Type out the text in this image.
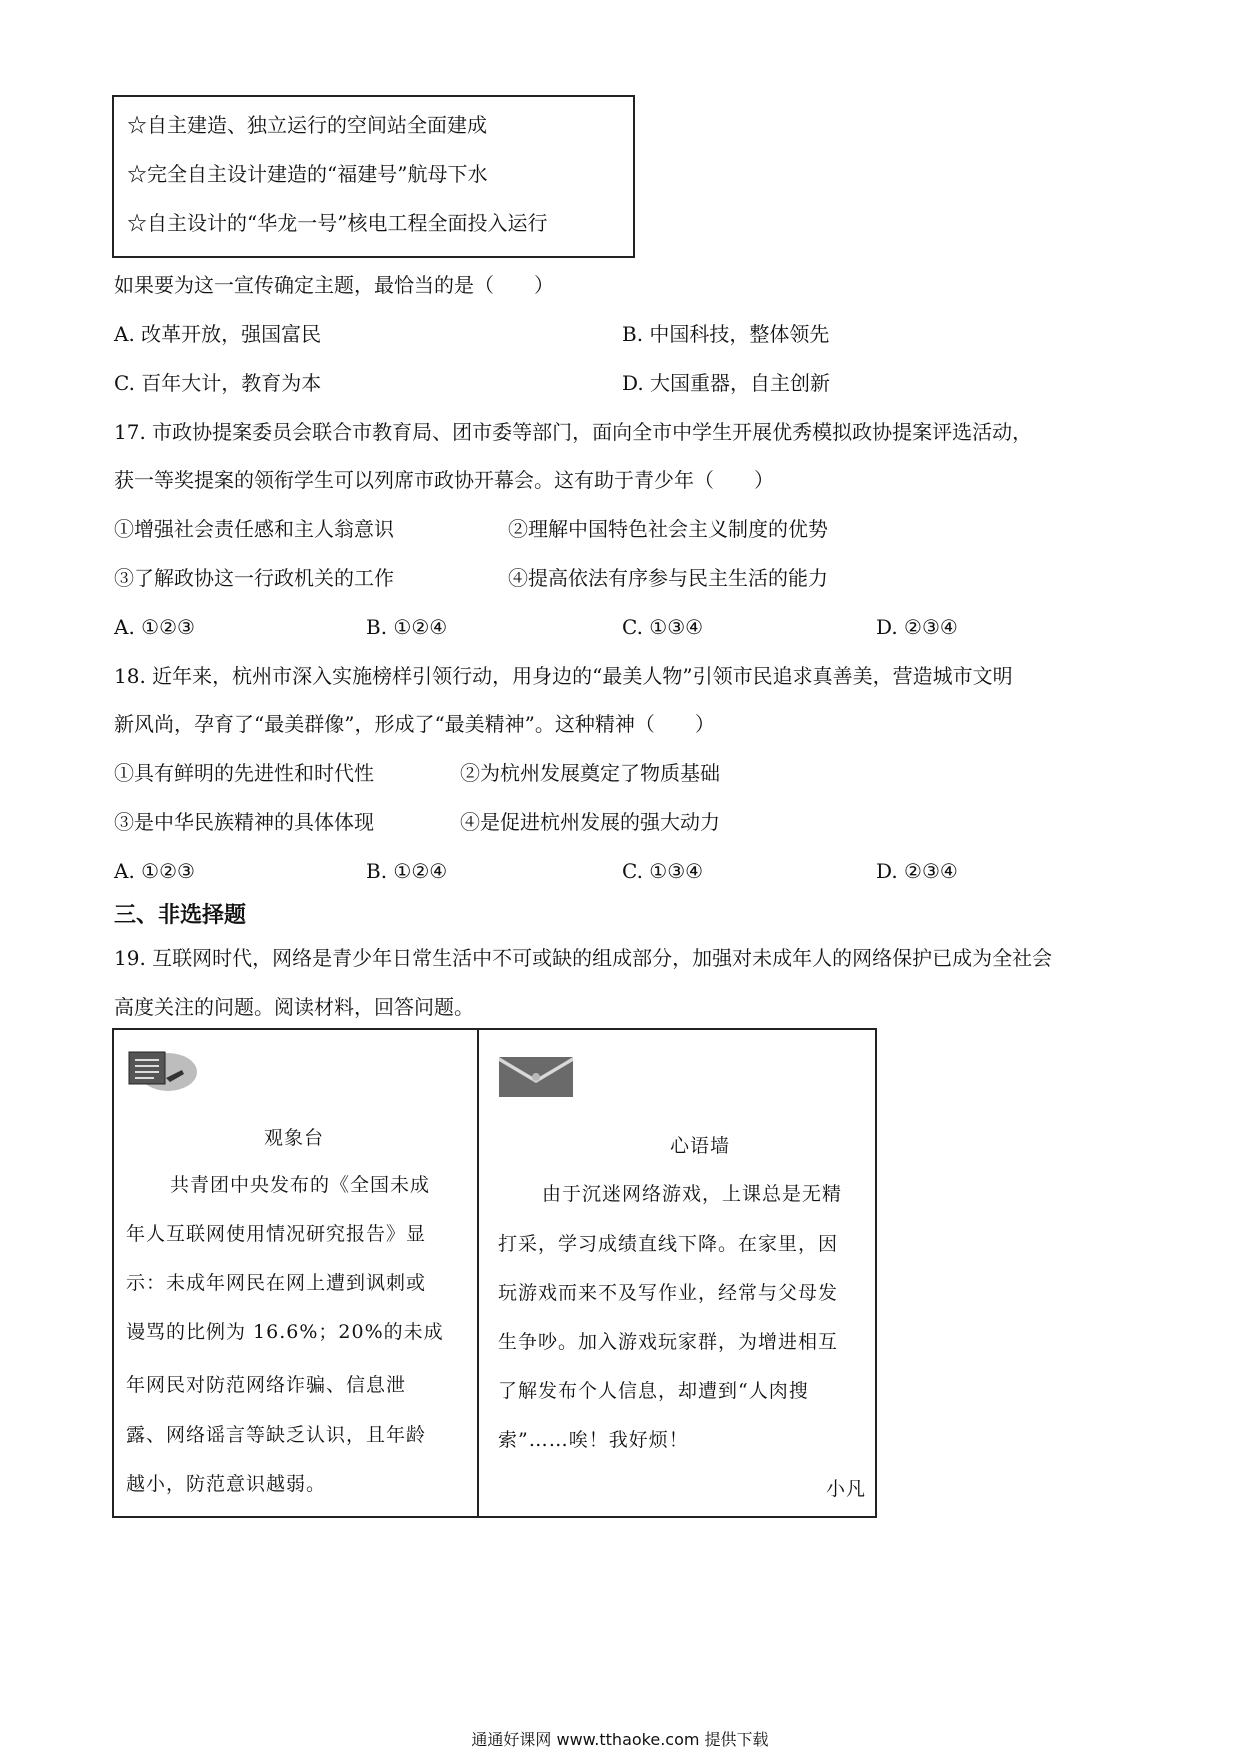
☆自主建造、独立运行的空间站全面建成
☆完全自主设计建造的“福建号”航母下水
☆自主设计的“华龙一号”核电工程全面投入运行
如果要为这一宣传确定主题，最恰当的是（　　）
A. 改革开放，强国富民	B. 中国科技，整体领先
C. 百年大计，教育为本	D. 大国重器，自主创新
17. 市政协提案委员会联合市教育局、团市委等部门，面向全市中学生开展优秀模拟政协提案评选活动，
获一等奖提案的领衔学生可以列席市政协开幕会。这有助于青少年（　　）
①增强社会责任感和主人翁意识	②理解中国特色社会主义制度的优势
③了解政协这一行政机关的工作	④提高依法有序参与民主生活的能力
A. ①②③	B. ①②④	C. ①③④	D. ②③④
18. 近年来，杭州市深入实施榜样引领行动，用身边的“最美人物”引领市民追求真善美，营造城市文明
新风尚，孕育了“最美群像”，形成了“最美精神”。这种精神（　　）
①具有鲜明的先进性和时代性	②为杭州发展奠定了物质基础
③是中华民族精神的具体体现	④是促进杭州发展的强大动力
A. ①②③	B. ①②④	C. ①③④	D. ②③④
三、非选择题
19. 互联网时代，网络是青少年日常生活中不可或缺的组成部分，加强对未成年人的网络保护已成为全社会
高度关注的问题。阅读材料，回答问题。
观象台
共青团中央发布的《全国未成
年人互联网使用情况研究报告》显
示：未成年网民在网上遭到讽刺或
谩骂的比例为 16.6%；20%的未成
年网民对防范网络诈骗、信息泄
露、网络谣言等缺乏认识，且年龄
越小，防范意识越弱。
心语墙
由于沉迷网络游戏，上课总是无精
打采，学习成绩直线下降。在家里，因
玩游戏而来不及写作业，经常与父母发
生争吵。加入游戏玩家群，为增进相互
了解发布个人信息，却遭到“人肉搜
索”……唉！我好烦！
小凡
通通好课网 www.tthaoke.com 提供下载
